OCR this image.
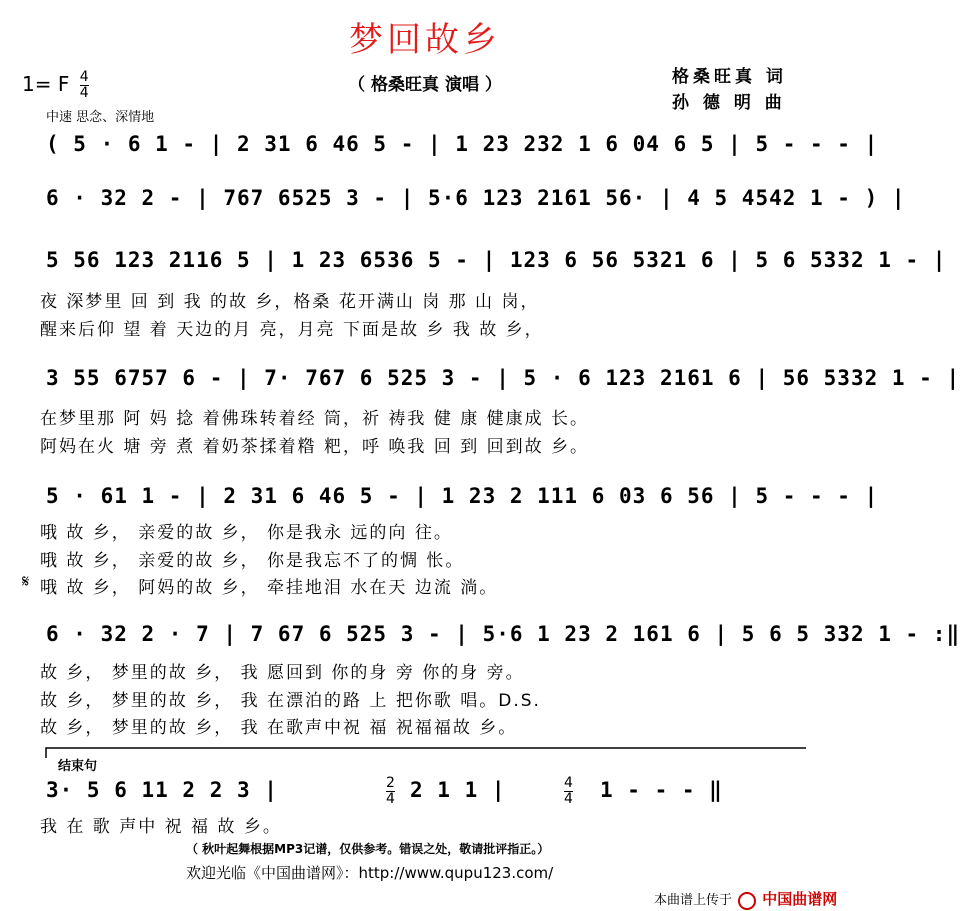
梦回故乡
（ 格桑旺真 演唱 ）	格桑旺真 词
孙 德 明 曲
1= F $\frac{4}{4}$
中速 思念、深情地
( 5 · 6 1 - | 2 31 6 46 5 - | 1 23 232 1 6 04 6 5 | 5 - - - |
6 · 32 2 - | 767 6525 3 - | 5·6 123 2161 56· | 4 5 4542 1 - ) |
5 56 123 2116 5 | 1 23 6536 5 - | 123 6 56 5321 6 | 5 6 5332 1 - |
夜 深梦里 回 到 我 的故 乡，格桑 花开满山 岗 那 山 岗，
醒来后仰 望 着 天边的月 亮，月亮 下面是故 乡 我 故 乡，
3 55 6757 6 - | 7· 767 6 525 3 - | 5 · 6 123 2161 6 | 56 5332 1 - |
在梦里那 阿 妈 捻 着佛珠转着经 筒，祈 祷我 健 康 健康成 长。
阿妈在火 塘 旁 煮 着奶茶揉着糌 粑，呼 唤我 回 到 回到故 乡。
5 · 61 1 - | 2 31 6 46 5 - | 1 23 2 111 6 03 6 56 | 5 - - - |
哦 故 乡， 亲爱的故 乡， 你是我永 远的向 往。
哦 故 乡， 亲爱的故 乡， 你是我忘不了的惆 怅。
𝄋 哦 故 乡， 阿妈的故 乡， 牵挂地泪 水在天 边流 淌。
6 · 32 2 · 7 | 7 67 6 525 3 - | 5·6 1 23 2 161 6 | 5 6 5 332 1 - :‖
故 乡， 梦里的故 乡， 我 愿回到 你的身 旁 你的身 旁。
故 乡， 梦里的故 乡， 我 在漂泊的路 上 把你歌 唱。D.S.
故 乡， 梦里的故 乡， 我 在歌声中祝 福 祝福福故 乡。
结束句
3· 5 6 11 2 2 3 |	2
4 2 1 1 |	4
4 1 - - - ‖
我 在 歌 声中 祝 福 故 乡。
（ 秋叶起舞根据MP3记谱，仅供参考。错误之处，敬请批评指正。）
欢迎光临《中国曲谱网》：http://www.qupu123.com/
本曲谱上传于 中国曲谱网
